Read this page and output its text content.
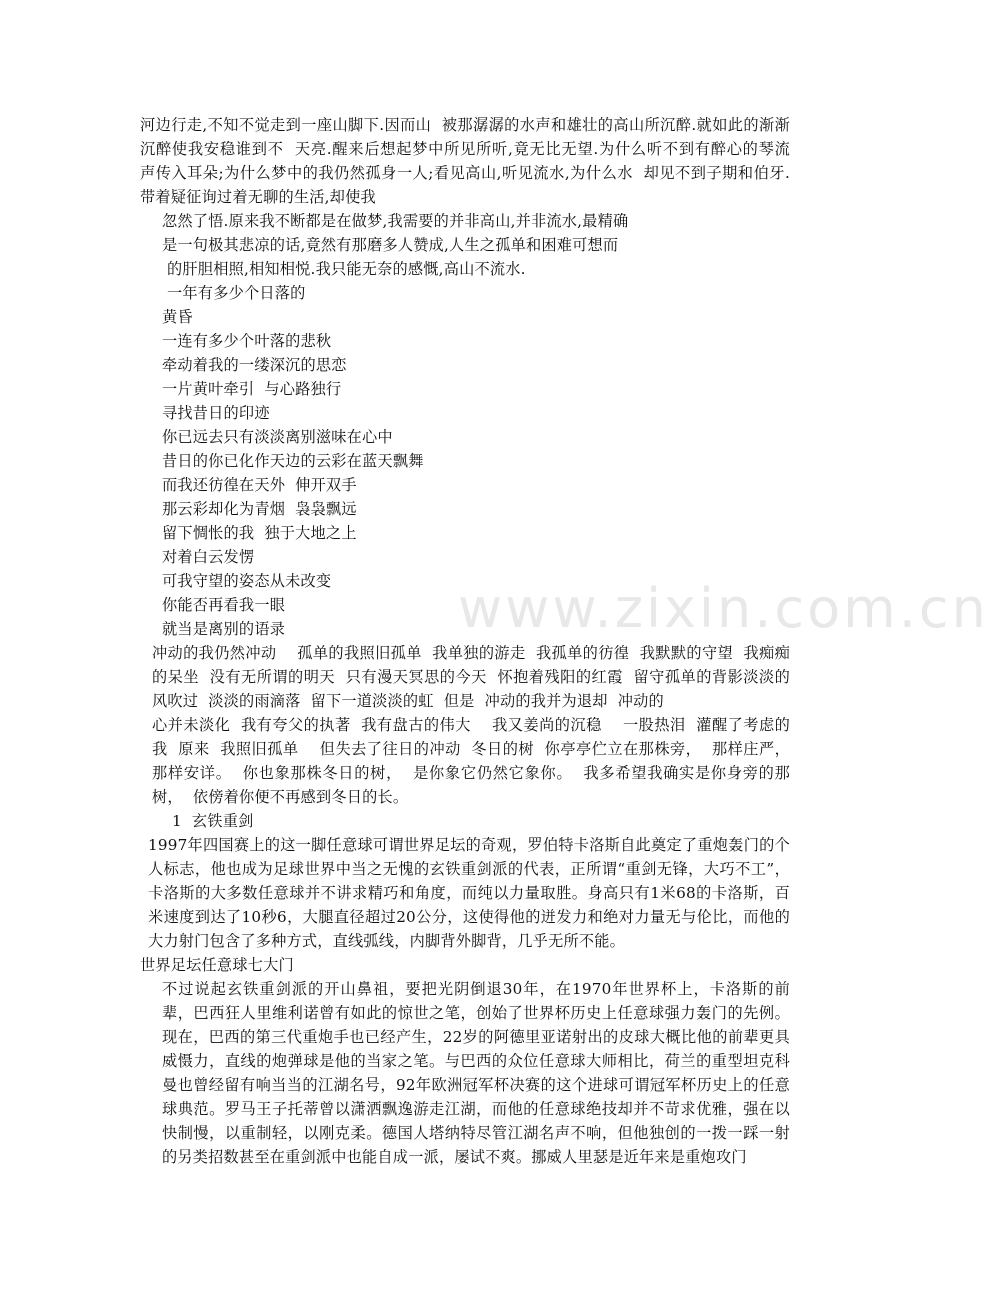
河边行走,不知不觉走到一座山脚下.因而山  被那潺潺的水声和雄壮的高山所沉醉.就如此的渐渐沉醉使我安稳谁到不  天亮.醒来后想起梦中所见所听,竟无比无望.为什么听不到有醉心的琴流  声传入耳朵;为什么梦中的我仍然孤身一人;看见高山,听见流水,为什么水  却见不到子期和伯牙. 带着疑征询过着无聊的生活,却使我

忽然了悟.原来我不断都是在做梦,我需要的并非高山,并非流水,最精确

是一句极其悲凉的话,竟然有那磨多人赞成,人生之孤单和困难可想而

的肝胆相照,相知相悦.我只能无奈的感慨,高山不流水.

一年有多少个日落的

黄昏

一连有多少个叶落的悲秋

牵动着我的一缕深沉的思恋

一片黄叶牵引  与心路独行

寻找昔日的印迹

你已远去只有淡淡离别滋味在心中

昔日的你已化作天边的云彩在蓝天飘舞

而我还彷徨在天外  伸开双手

那云彩却化为青烟  袅袅飘远

留下惆怅的我  独于大地之上

对着白云发愣

可我守望的姿态从未改变

你能否再看我一眼

就当是离别的语录

冲动的我仍然冲动    孤单的我照旧孤单  我单独的游走  我孤单的彷徨  我默默的守望  我痴痴的呆坐  没有无所谓的明天  只有漫天冥思的今天  怀抱着残阳的红霞  留守孤单的背影淡淡的风吹过  淡淡的雨滴落  留下一道淡淡的虹  但是  冲动的我并为退却  冲动的

心并未淡化  我有夸父的执著  我有盘古的伟大    我又姜尚的沉稳    一股热泪  灌醒了考虑的我  原来  我照旧孤单    但失去了往日的冲动  冬日的树  你亭亭伫立在那株旁，  那样庄严，那样安详。  你也象那株冬日的树，  是你象它仍然它象你。  我多希望我确实是你身旁的那树，  依傍着你便不再感到冬日的长。

1  玄铁重剑

1997年四国赛上的这一脚任意球可谓世界足坛的奇观，罗伯特卡洛斯自此奠定了重炮轰门的个人标志，他也成为足球世界中当之无愧的玄铁重剑派的代表，正所谓“重剑无锋，大巧不工”，卡洛斯的大多数任意球并不讲求精巧和角度，而纯以力量取胜。身高只有1米68的卡洛斯，百米速度到达了10秒6，大腿直径超过20公分，这使得他的迸发力和绝对力量无与伦比，而他的大力射门包含了多种方式，直线弧线，内脚背外脚背，几乎无所不能。

世界足坛任意球七大门

不过说起玄铁重剑派的开山鼻祖，要把光阴倒退30年，在1970年世界杯上，卡洛斯的前辈，巴西狂人里维利诺曾有如此的惊世之笔，创始了世界杯历史上任意球强力轰门的先例。现在，巴西的第三代重炮手也已经产生，22岁的阿德里亚诺射出的皮球大概比他的前辈更具威慑力，直线的炮弹球是他的当家之笔。与巴西的众位任意球大师相比，荷兰的重型坦克科曼也曾经留有响当当的江湖名号，92年欧洲冠军杯决赛的这个进球可谓冠军杯历史上的任意球典范。罗马王子托蒂曾以潇洒飘逸游走江湖，而他的任意球绝技却并不苛求优雅，强在以快制慢，以重制轻，以刚克柔。德国人塔纳特尽管江湖名声不响，但他独创的一拨一踩一射的另类招数甚至在重剑派中也能自成一派，屡试不爽。挪威人里瑟是近年来是重炮攻门

www.zixin.com.cn
